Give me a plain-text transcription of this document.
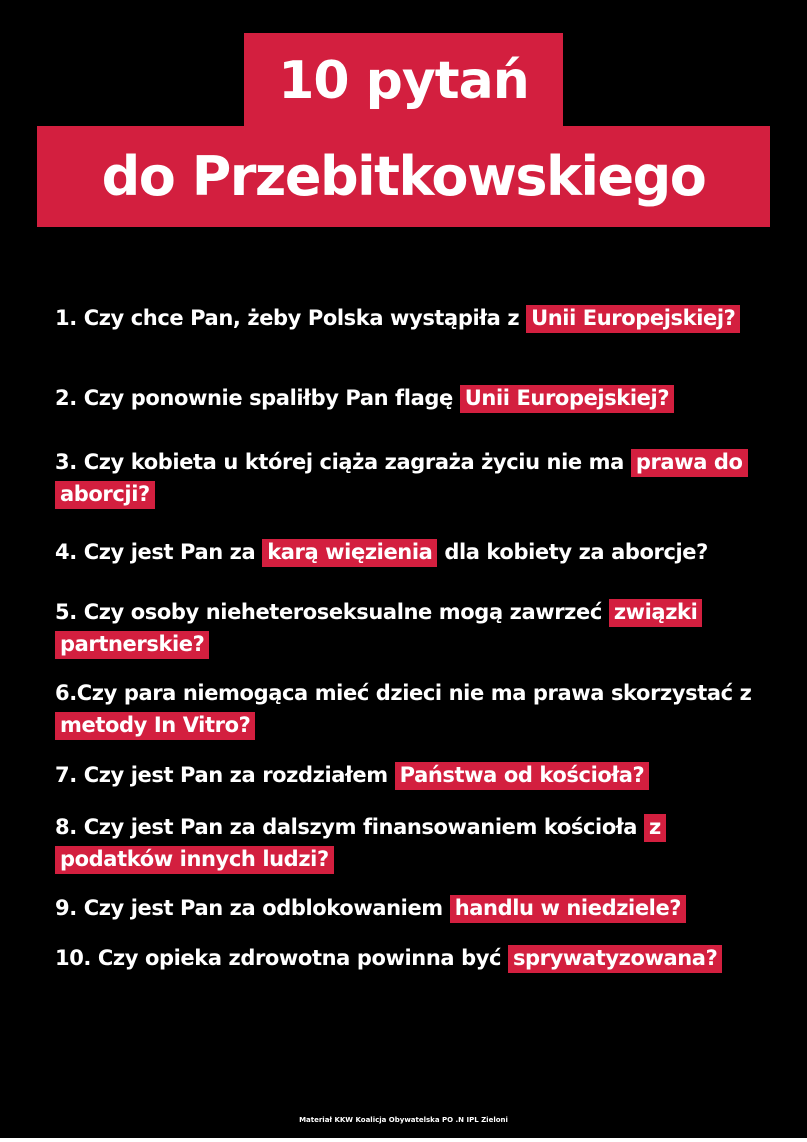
10 pytań
do Przebitkowskiego
1. Czy chce Pan, żeby Polska wystąpiła z Unii Europejskiej?
2. Czy ponownie spaliłby Pan flagę Unii Europejskiej?
3. Czy kobieta u której ciąża zagraża życiu nie ma prawa do aborcji?
4. Czy jest Pan za karą więzienia dla kobiety za aborcje?
5. Czy osoby nieheteroseksualne mogą zawrzeć związki partnerskie?
6.Czy para niemogąca mieć dzieci nie ma prawa skorzystać z metody In Vitro?
7. Czy jest Pan za rozdziałem Państwa od kościoła?
8. Czy jest Pan za dalszym finansowaniem kościoła z podatków innych ludzi?
9. Czy jest Pan za odblokowaniem handlu w niedziele?
10. Czy opieka zdrowotna powinna być sprywatyzowana?
Materiał KKW Koalicja Obywatelska PO .N IPL Zieloni
